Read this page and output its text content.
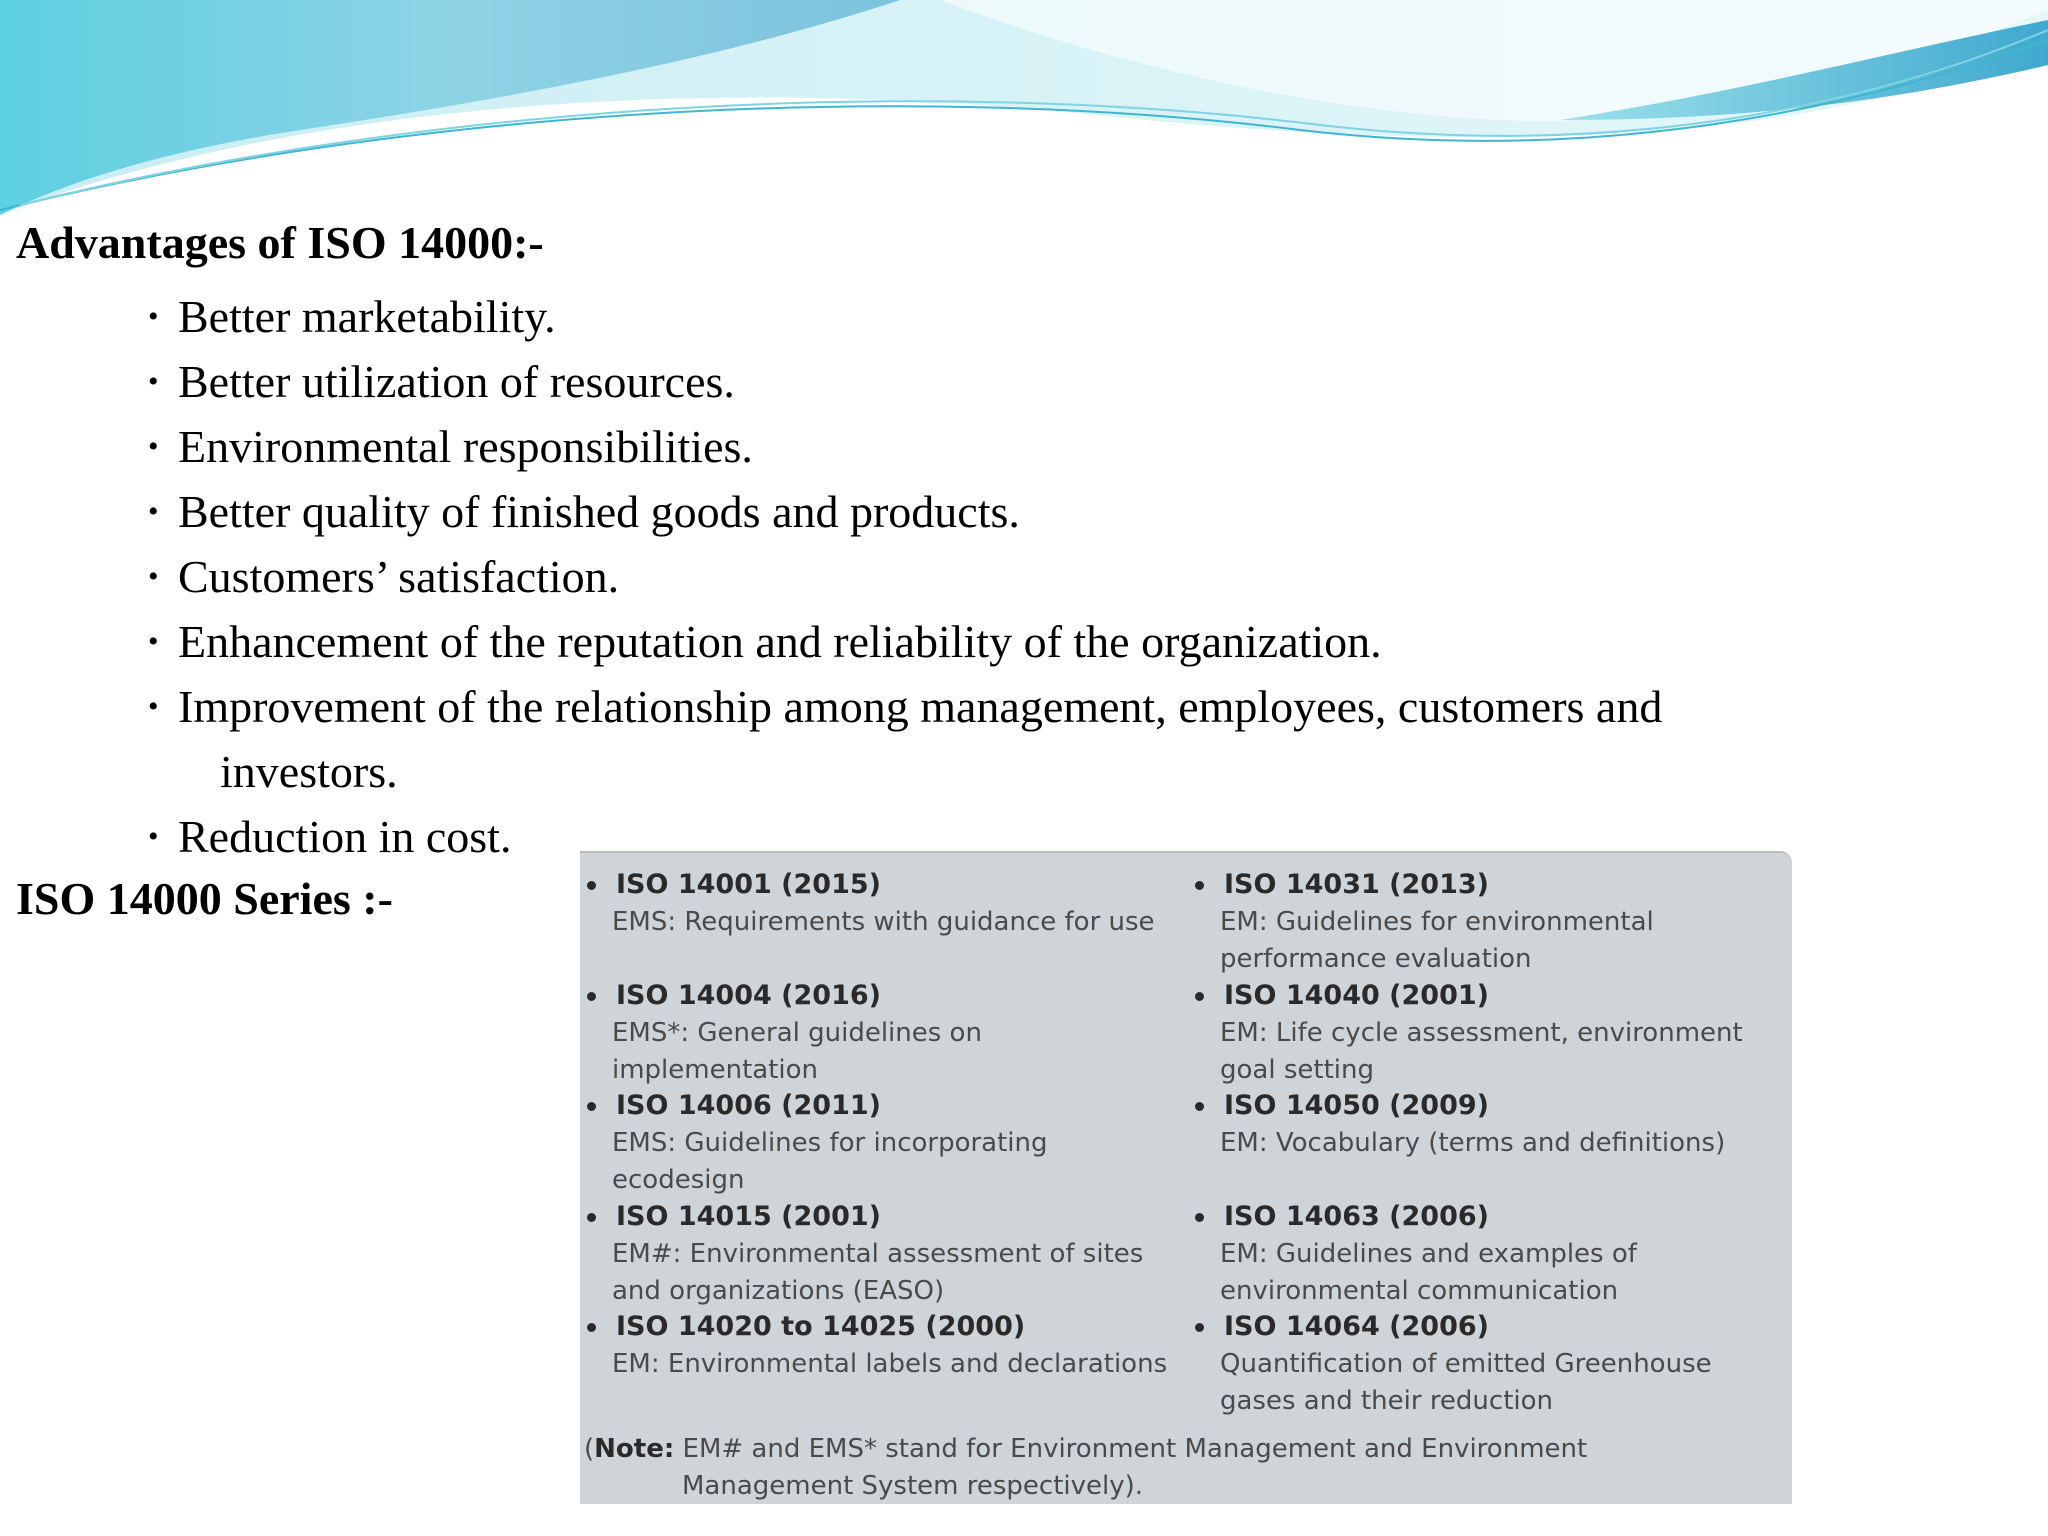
Advantages of ISO 14000:-
• Better marketability.
• Better utilization of resources.
• Environmental responsibilities.
• Better quality of finished goods and products.
• Customers’ satisfaction.
• Enhancement of the reputation and reliability of the organization.
• Improvement of the relationship among management, employees, customers and
investors.
• Reduction in cost.
ISO 14000 Series :-	ISO 14001 (2015)
EMS: Requirements with guidance for use
ISO 14004 (2016)
EMS*: General guidelines on implementation
ISO 14006 (2011)
EMS: Guidelines for incorporating ecodesign
ISO 14015 (2001)
EM#: Environmental assessment of sites and organizations (EASO)
ISO 14020 to 14025 (2000)
EM: Environmental labels and declarations
ISO 14031 (2013)
EM: Guidelines for environmental performance evaluation
ISO 14040 (2001)
EM: Life cycle assessment, environment goal setting
ISO 14050 (2009)
EM: Vocabulary (terms and definitions)
ISO 14063 (2006)
EM: Guidelines and examples of environmental communication
ISO 14064 (2006)
Quantification of emitted Greenhouse gases and their reduction
(Note: EM# and EMS* stand for Environment Management and Environment
Management System respectively).
